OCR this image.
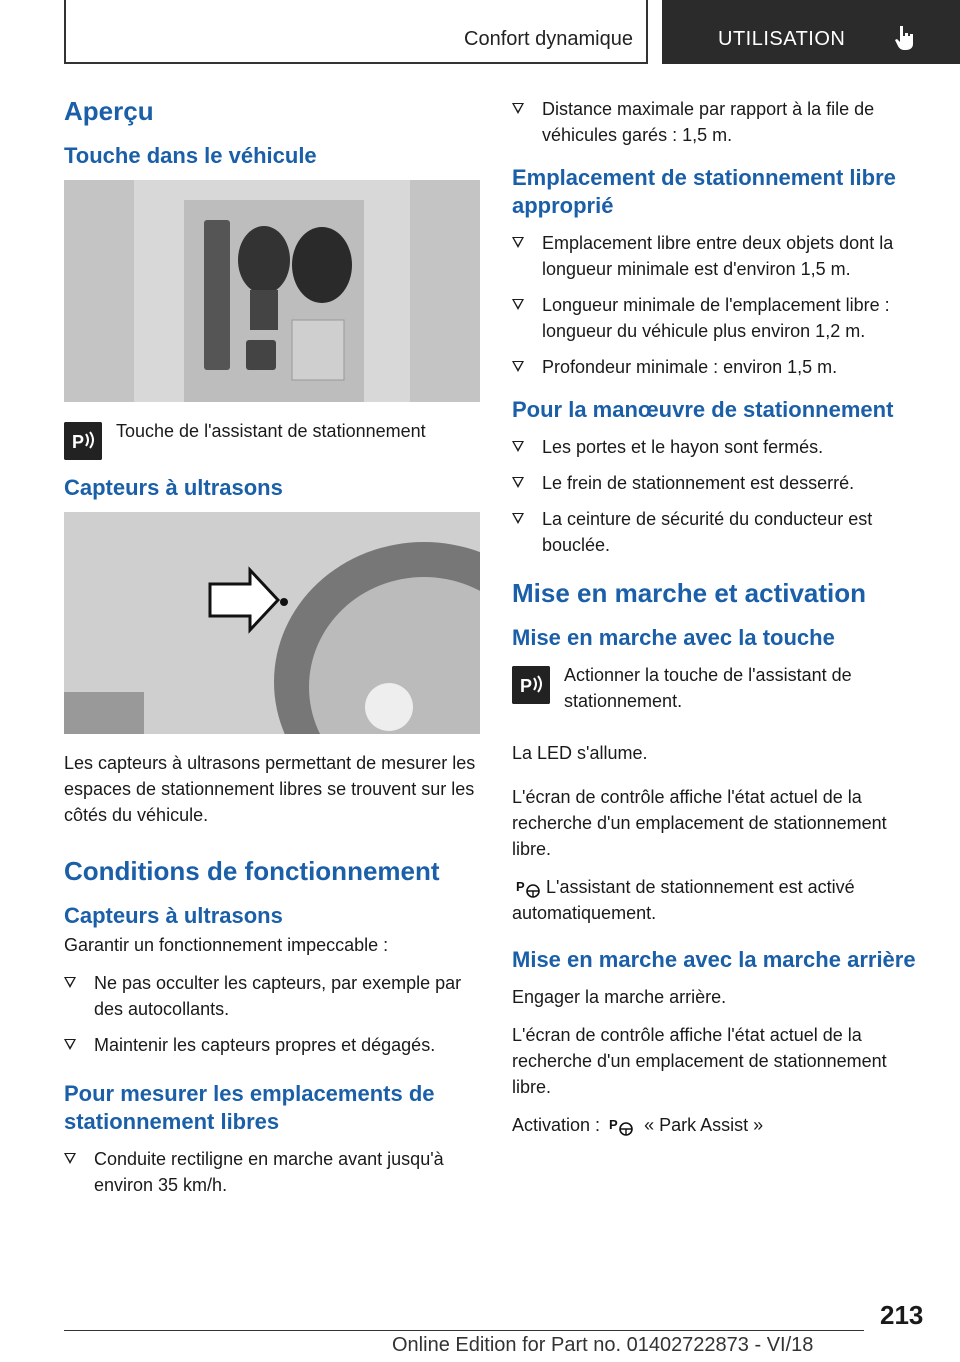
Confort dynamique	UTILISATION
Aperçu
Touche dans le véhicule
P

Touche de l'assistant de stationnement

Capteurs à ultrasons

Les capteurs à ultrasons permettant de mesurer les espaces de stationnement libres se trouvent sur les côtés du véhicule.

Conditions de fonctionnement
Capteurs à ultrasons

Garantir un fonctionnement impeccable :

Ne pas occulter les capteurs, par exemple par des autocollants.
Maintenir les capteurs propres et dégagés.
Pour mesurer les emplacements de stationnement libres
Conduite rectiligne en marche avant jusqu'à environ 35 km/h.
Distance maximale par rapport à la file de véhicules garés : 1,5 m.
Emplacement de stationnement libre approprié
Emplacement libre entre deux objets dont la longueur minimale est d'environ 1,5 m.
Longueur minimale de l'emplacement libre : longueur du véhicule plus environ 1,2 m.
Profondeur minimale : environ 1,5 m.
Pour la manœuvre de stationnement
Les portes et le hayon sont fermés.
Le frein de stationnement est desserré.
La ceinture de sécurité du conducteur est bouclée.
Mise en marche et activation
Mise en marche avec la touche
P

Actionner la touche de l'assistant de stationnement.

La LED s'allume.

L'écran de contrôle affiche l'état actuel de la recherche d'un emplacement de stationnement libre.

P L'assistant de stationnement est activé automatiquement.

Mise en marche avec la marche arrière

Engager la marche arrière.

L'écran de contrôle affiche l'état actuel de la recherche d'un emplacement de stationnement libre.

Activation : P « Park Assist »

213
Online Edition for Part no. 01402722873 - VI/18
